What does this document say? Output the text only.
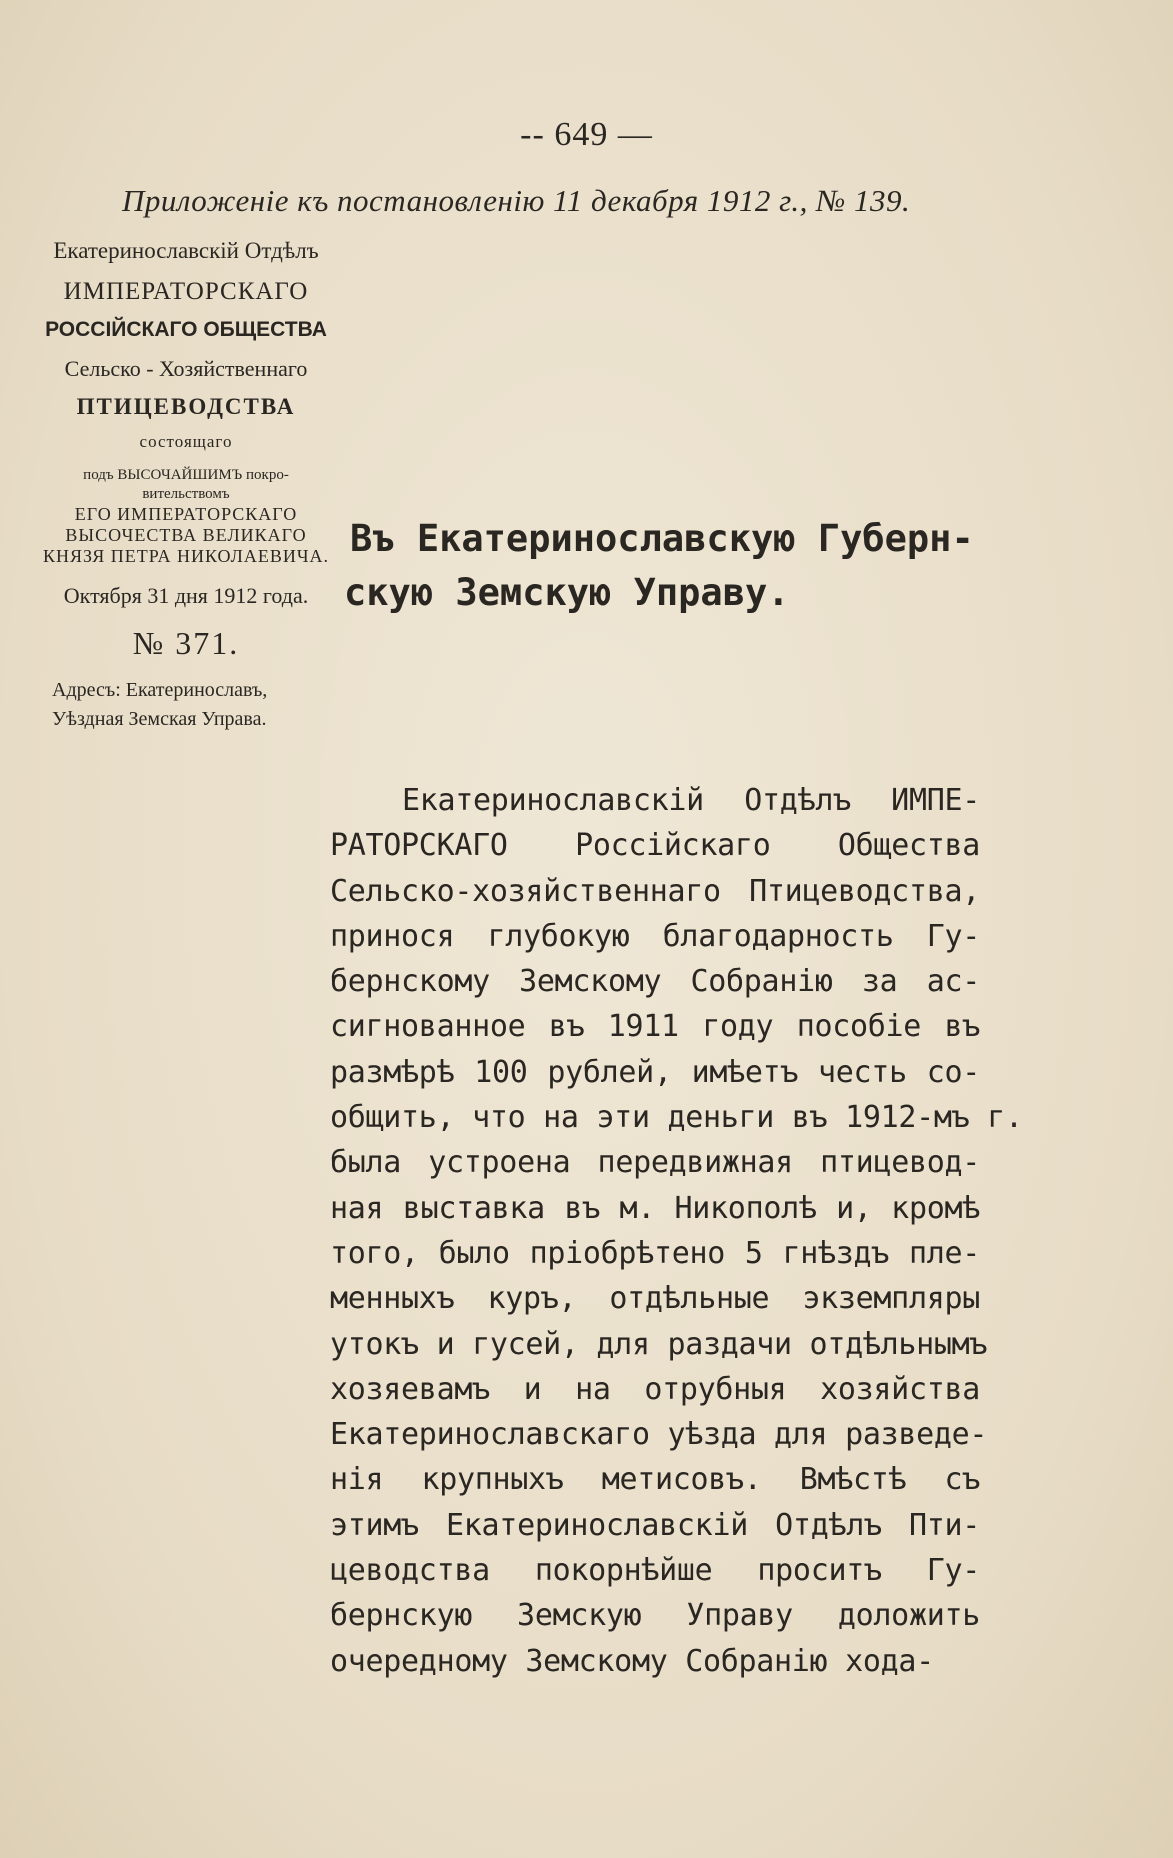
-- 649 —
Приложеніе къ постановленію 11 декабря 1912 г., № 139.
Екатеринославскій Отдѣлъ
ИМПЕРАТОРСКАГО
РОССІЙСКАГО ОБЩЕСТВА
Сельско - Хозяйственнаго
ПТИЦЕВОДСТВА
состоящаго
подъ ВЫСОЧАЙШИМЪ покро-
вительствомъ
ЕГО ИМПЕРАТОРСКАГО
ВЫСОЧЕСТВА ВЕЛИКАГО
КНЯЗЯ ПЕТРА НИКОЛАЕВИЧА.
Октября 31 дня 1912 года.
№ 371.
Адресъ: Екатеринославъ,
Уѣздная Земская Управа.
Въ Екатеринославскую Губерн-
скую Земскую Управу.
Екатеринославскій Отдѣлъ ИМПЕ-
РАТОРСКАГО Россійскаго Общества
Сельско-хозяйственнаго Птицеводства,
принося глубокую благодарность Гу-
бернскому Земскому Собранію за ас-
сигнованное въ 1911 году пособіе въ
размѣрѣ 100 рублей, имѣетъ честь со-
общить, что на эти деньги въ 1912-мъ г.
была устроена передвижная птицевод-
ная выставка въ м. Никополѣ и, кромѣ
того, было пріобрѣтено 5 гнѣздъ пле-
менныхъ куръ, отдѣльные экземпляры
утокъ и гусей, для раздачи отдѣльнымъ
хозяевамъ и на отрубныя хозяйства
Екатеринославскаго уѣзда для разведе-
нія крупныхъ метисовъ. Вмѣстѣ съ
этимъ Екатеринославскій Отдѣлъ Пти-
цеводства покорнѣйше проситъ Гу-
бернскую Земскую Управу доложить
очередному Земскому Собранію хода-
